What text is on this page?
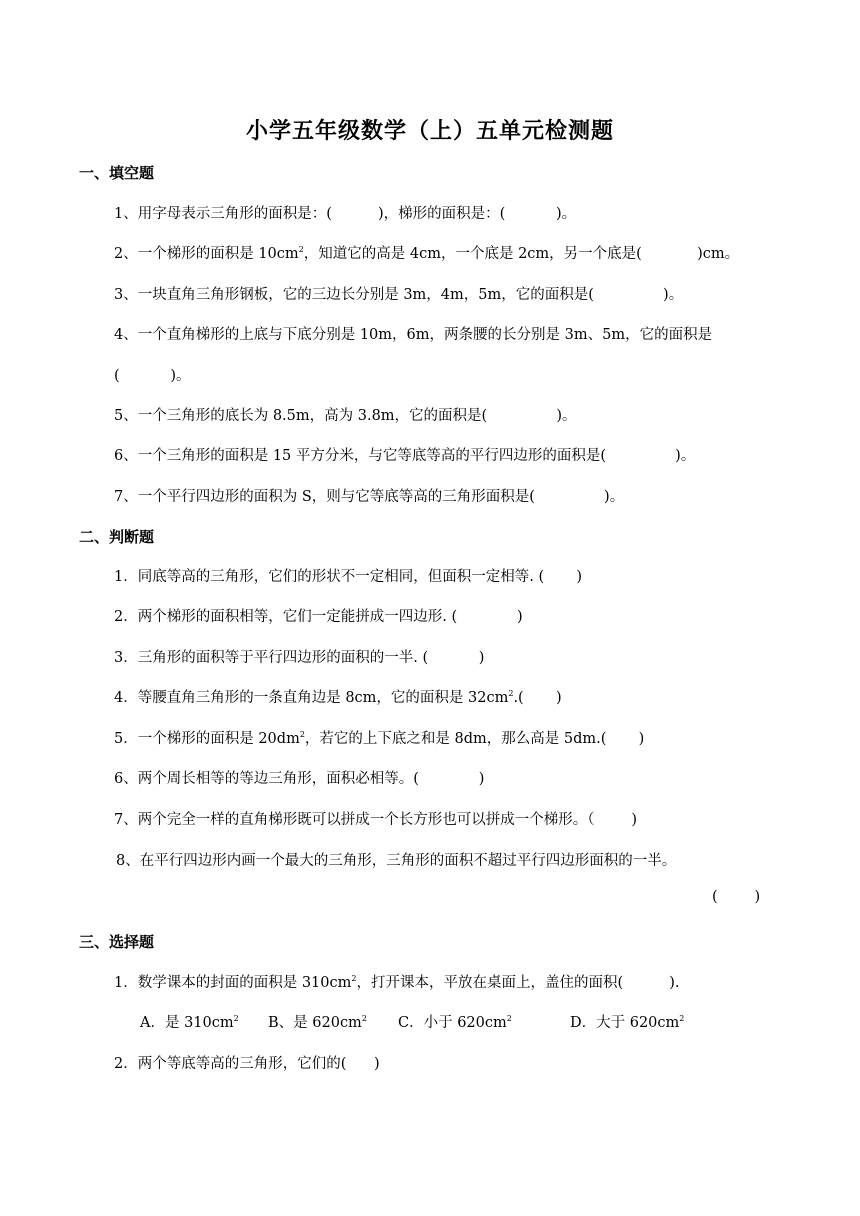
小学五年级数学（上）五单元检测题
一、填空题
1、用字母表示三角形的面积是：(	)，梯形的面积是：(	)。
2、一个梯形的面积是 $10cm^2$，知道它的高是 4cm，一个底是 2cm，另一个底是(            )cm。
3、一块直角三角形钢板，它的三边长分别是 3m，4m，5m，它的面积是(               )。
4、一个直角梯形的上底与下底分别是 10m，6m，两条腰的长分别是 3m、5m，它的面积是
(           )。
5、一个三角形的底长为 8.5m，高为 3.8m，它的面积是(               )。
6、一个三角形的面积是 15 平方分米，与它等底等高的平行四边形的面积是(               )。
7、一个平行四边形的面积为 S，则与它等底等高的三角形面积是(               )。
二、判断题
1．同底等高的三角形，它们的形状不一定相同，但面积一定相等. (       )
2．两个梯形的面积相等，它们一定能拼成一四边形. (             )
3．三角形的面积等于平行四边形的面积的一半. (           )
4．等腰直角三角形的一条直角边是 8cm，它的面积是 $32cm^2$.(       )
5．一个梯形的面积是 $20dm^2$，若它的上下底之和是 8dm，那么高是 5dm.(       )
6、两个周长相等的等边三角形，面积必相等。(             )
7、两个完全一样的直角梯形既可以拼成一个长方形也可以拼成一个梯形。（        )
8、在平行四边形内画一个最大的三角形，三角形的面积不超过平行四边形面积的一半。
(        )
三、选择题
1．数学课本的封面的面积是 $310cm^2$，打开课本，平放在桌面上，盖住的面积(          ).
A．是 $310cm^2$ B、是 $620cm^2$ C．小于 $620cm^2$	D．大于 $620cm^2$
2．两个等底等高的三角形，它们的(      )
